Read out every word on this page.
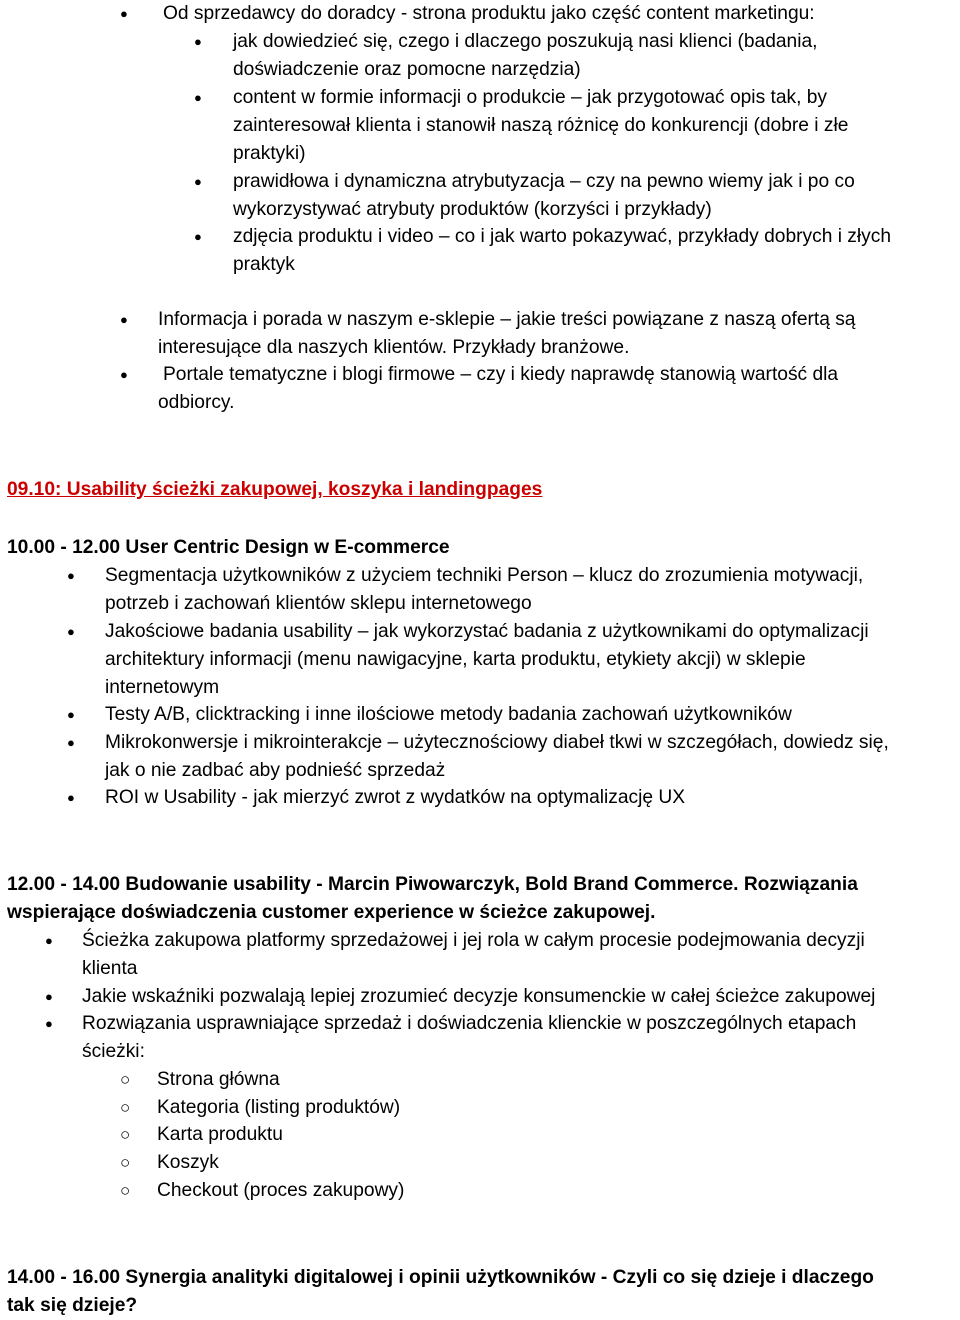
● Od sprzedawcy do doradcy - strona produktu jako część content marketingu:
● jak dowiedzieć się, czego i dlaczego poszukują nasi klienci (badania,
doświadczenie oraz pomocne narzędzia)
● content w formie informacji o produkcie – jak przygotować opis tak, by
zainteresował klienta i stanowił naszą różnicę do konkurencji (dobre i złe
praktyki)
● prawidłowa i dynamiczna atrybutyzacja – czy na pewno wiemy jak i po co
wykorzystywać atrybuty produktów (korzyści i przykłady)
● zdjęcia produktu i video – co i jak warto pokazywać, przykłady dobrych i złych
praktyk
● Informacja i porada w naszym e-sklepie – jakie treści powiązane z naszą ofertą są
interesujące dla naszych klientów. Przykłady branżowe.
● Portale tematyczne i blogi firmowe – czy i kiedy naprawdę stanowią wartość dla
odbiorcy.
09.10: Usability ścieżki zakupowej, koszyka i landingpages
10.00 - 12.00 User Centric Design w E-commerce
● Segmentacja użytkowników z użyciem techniki Person – klucz do zrozumienia motywacji,
potrzeb i zachowań klientów sklepu internetowego
● Jakościowe badania usability – jak wykorzystać badania z użytkownikami do optymalizacji
architektury informacji (menu nawigacyjne, karta produktu, etykiety akcji) w sklepie
internetowym
● Testy A/B, clicktracking i inne ilościowe metody badania zachowań użytkowników
● Mikrokonwersje i mikrointerakcje – użytecznościowy diabeł tkwi w szczegółach, dowiedz się,
jak o nie zadbać aby podnieść sprzedaż
● ROI w Usability - jak mierzyć zwrot z wydatków na optymalizację UX
12.00 - 14.00 Budowanie usability - Marcin Piwowarczyk, Bold Brand Commerce. Rozwiązania
wspierające doświadczenia customer experience w ścieżce zakupowej.
● Ścieżka zakupowa platformy sprzedażowej i jej rola w całym procesie podejmowania decyzji
klienta
● Jakie wskaźniki pozwalają lepiej zrozumieć decyzje konsumenckie w całej ścieżce zakupowej
● Rozwiązania usprawniające sprzedaż i doświadczenia klienckie w poszczególnych etapach
ścieżki:
○ Strona główna
○ Kategoria (listing produktów)
○ Karta produktu
○ Koszyk
○ Checkout (proces zakupowy)
14.00 - 16.00 Synergia analityki digitalowej i opinii użytkowników - Czyli co się dzieje i dlaczego
tak się dzieje?
